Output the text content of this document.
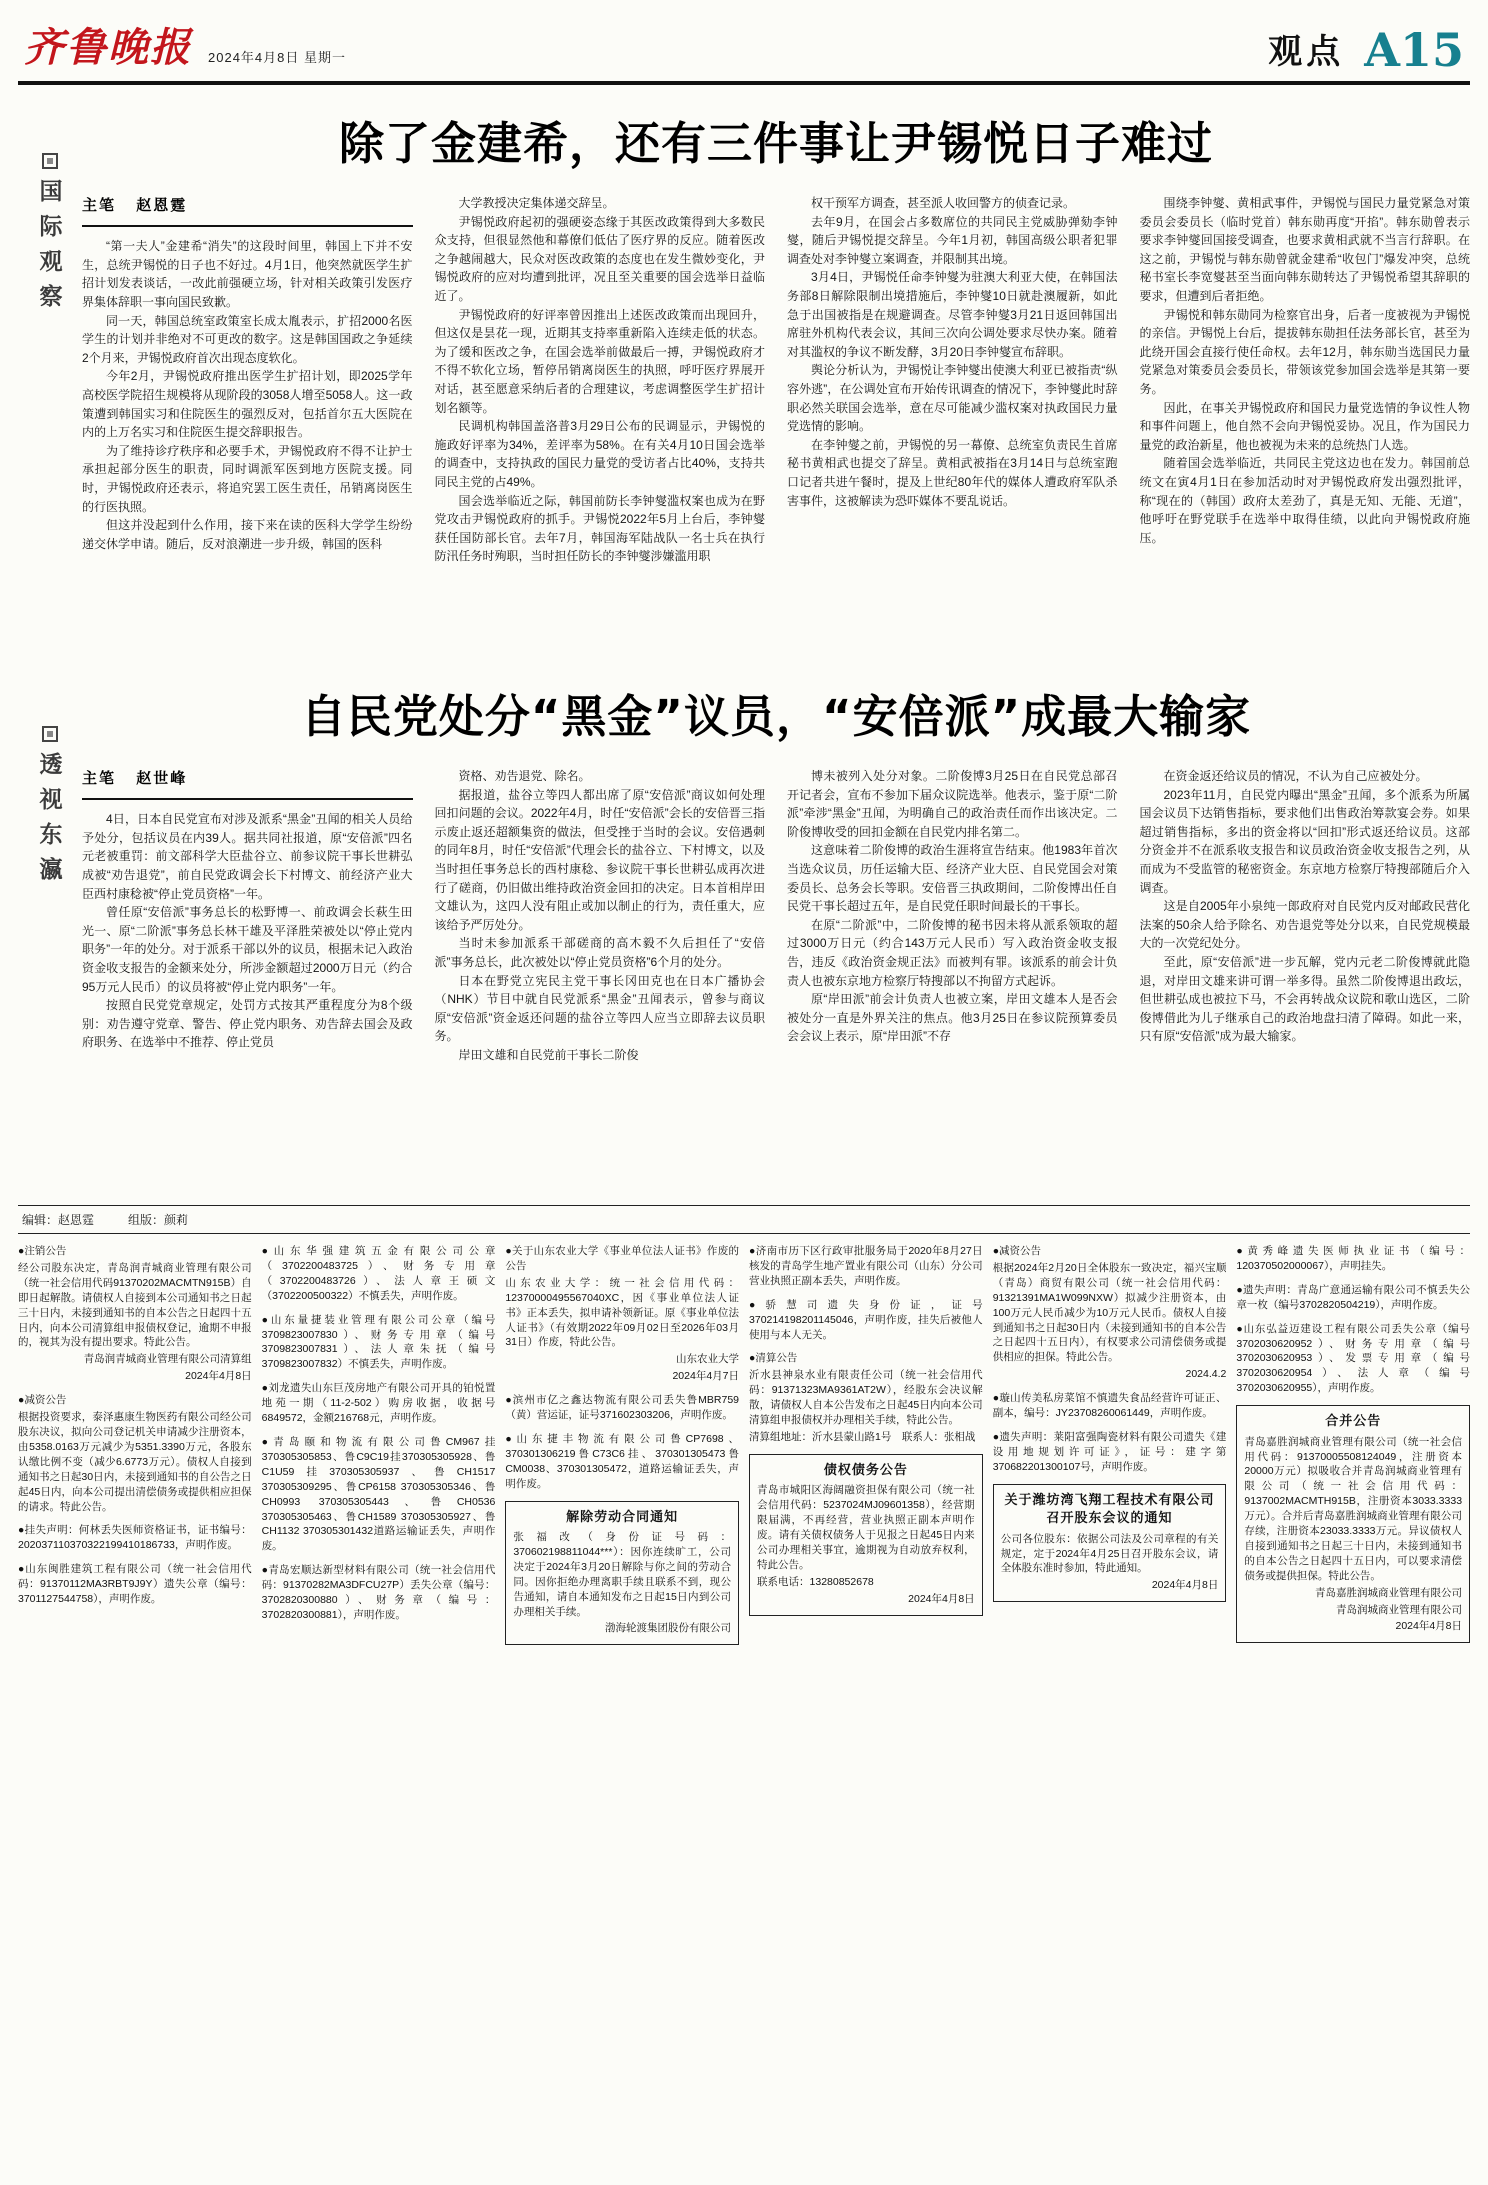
齐鲁晚报 2024年4月8日 星期一	观点 A15
国际观察
除了金建希，还有三件事让尹锡悦日子难过
主笔 赵恩霆

“第一夫人”金建希“消失”的这段时间里，韩国上下并不安生，总统尹锡悦的日子也不好过。4月1日，他突然就医学生扩招计划发表谈话，一改此前强硬立场，针对相关政策引发医疗界集体辞职一事向国民致歉。

同一天，韩国总统室政策室长成太胤表示，扩招2000名医学生的计划并非绝对不可更改的数字。这是韩国国政之争延续2个月来，尹锡悦政府首次出现态度软化。

今年2月，尹锡悦政府推出医学生扩招计划，即2025学年高校医学院招生规模将从现阶段的3058人增至5058人。这一政策遭到韩国实习和住院医生的强烈反对，包括首尔五大医院在内的上万名实习和住院医生提交辞职报告。

为了维持诊疗秩序和必要手术，尹锡悦政府不得不让护士承担起部分医生的职责，同时调派军医到地方医院支援。同时，尹锡悦政府还表示，将追究罢工医生责任，吊销离岗医生的行医执照。

但这并没起到什么作用，接下来在读的医科大学学生纷纷递交休学申请。随后，反对浪潮进一步升级，韩国的医科

大学教授决定集体递交辞呈。

尹锡悦政府起初的强硬姿态缘于其医改政策得到大多数民众支持，但很显然他和幕僚们低估了医疗界的反应。随着医改之争越闹越大，民众对医改政策的态度也在发生微妙变化，尹锡悦政府的应对均遭到批评，况且至关重要的国会选举日益临近了。

尹锡悦政府的好评率曾因推出上述医改政策而出现回升，但这仅是昙花一现，近期其支持率重新陷入连续走低的状态。为了缓和医改之争，在国会选举前做最后一搏，尹锡悦政府才不得不软化立场，暂停吊销离岗医生的执照，呼吁医疗界展开对话，甚至愿意采纳后者的合理建议，考虑调整医学生扩招计划名额等。

民调机构韩国盖洛普3月29日公布的民调显示，尹锡悦的施政好评率为34%，差评率为58%。在有关4月10日国会选举的调查中，支持执政的国民力量党的受访者占比40%，支持共同民主党的占49%。

国会选举临近之际，韩国前防长李钟燮滥权案也成为在野党攻击尹锡悦政府的抓手。尹锡悦2022年5月上台后，李钟燮获任国防部长官。去年7月，韩国海军陆战队一名士兵在执行防汛任务时殉职，当时担任防长的李钟燮涉嫌滥用职

权干预军方调查，甚至派人收回警方的侦查记录。

去年9月，在国会占多数席位的共同民主党威胁弹劾李钟燮，随后尹锡悦提交辞呈。今年1月初，韩国高级公职者犯罪调查处对李钟燮立案调查，并限制其出境。

3月4日，尹锡悦任命李钟燮为驻澳大利亚大使，在韩国法务部8日解除限制出境措施后，李钟燮10日就赴澳履新，如此急于出国被指是在规避调查。尽管李钟燮3月21日返回韩国出席驻外机构代表会议，其间三次向公调处要求尽快办案。随着对其滥权的争议不断发酵，3月20日李钟燮宣布辞职。

舆论分析认为，尹锡悦让李钟燮出使澳大利亚已被指责“纵容外逃”，在公调处宣布开始传讯调查的情况下，李钟燮此时辞职必然关联国会选举，意在尽可能减少滥权案对执政国民力量党选情的影响。

在李钟燮之前，尹锡悦的另一幕僚、总统室负责民生首席秘书黄相武也提交了辞呈。黄相武被指在3月14日与总统室跑口记者共进午餐时，提及上世纪80年代的媒体人遭政府军队杀害事件，这被解读为恐吓媒体不要乱说话。

围绕李钟燮、黄相武事件，尹锡悦与国民力量党紧急对策委员会委员长（临时党首）韩东勋再度“开掐”。韩东勋曾表示要求李钟燮回国接受调查，也要求黄相武就不当言行辞职。在这之前，尹锡悦与韩东勋曾就金建希“收包门”爆发冲突，总统秘书室长李宽燮甚至当面向韩东勋转达了尹锡悦希望其辞职的要求，但遭到后者拒绝。

尹锡悦和韩东勋同为检察官出身，后者一度被视为尹锡悦的亲信。尹锡悦上台后，提拔韩东勋担任法务部长官，甚至为此绕开国会直接行使任命权。去年12月，韩东勋当选国民力量党紧急对策委员会委员长，带领该党参加国会选举是其第一要务。

因此，在事关尹锡悦政府和国民力量党选情的争议性人物和事件问题上，他自然不会向尹锡悦妥协。况且，作为国民力量党的政治新星，他也被视为未来的总统热门人选。

随着国会选举临近，共同民主党这边也在发力。韩国前总统文在寅4月1日在参加活动时对尹锡悦政府发出强烈批评，称“现在的（韩国）政府太差劲了，真是无知、无能、无道”，他呼吁在野党联手在选举中取得佳绩，以此向尹锡悦政府施压。

透视东瀛
自民党处分“黑金”议员，“安倍派”成最大输家
主笔 赵世峰

4日，日本自民党宣布对涉及派系“黑金”丑闻的相关人员给予处分，包括议员在内39人。据共同社报道，原“安倍派”四名元老被重罚：前文部科学大臣盐谷立、前参议院干事长世耕弘成被“劝告退党”，前自民党政调会长下村博文、前经济产业大臣西村康稔被“停止党员资格”一年。

曾任原“安倍派”事务总长的松野博一、前政调会长萩生田光一、原“二阶派”事务总长林干雄及平泽胜荣被处以“停止党内职务”一年的处分。对于派系干部以外的议员，根据未记入政治资金收支报告的金额来处分，所涉金额超过2000万日元（约合95万元人民币）的议员将被“停止党内职务”一年。

按照自民党党章规定，处罚方式按其严重程度分为8个级别：劝告遵守党章、警告、停止党内职务、劝告辞去国会及政府职务、在选举中不推荐、停止党员

资格、劝告退党、除名。

据报道，盐谷立等四人都出席了原“安倍派”商议如何处理回扣问题的会议。2022年4月，时任“安倍派”会长的安倍晋三指示废止返还超额集资的做法，但受挫于当时的会议。安倍遇刺的同年8月，时任“安倍派”代理会长的盐谷立、下村博文，以及当时担任事务总长的西村康稔、参议院干事长世耕弘成再次进行了磋商，仍旧做出维持政治资金回扣的决定。日本首相岸田文雄认为，这四人没有阻止或加以制止的行为，责任重大，应该给予严厉处分。

当时未参加派系干部磋商的高木毅不久后担任了“安倍派”事务总长，此次被处以“停止党员资格”6个月的处分。

日本在野党立宪民主党干事长冈田克也在日本广播协会（NHK）节目中就自民党派系“黑金”丑闻表示，曾参与商议原“安倍派”资金返还问题的盐谷立等四人应当立即辞去议员职务。

岸田文雄和自民党前干事长二阶俊

博未被列入处分对象。二阶俊博3月25日在自民党总部召开记者会，宣布不参加下届众议院选举。他表示，鉴于原“二阶派”牵涉“黑金”丑闻，为明确自己的政治责任而作出该决定。二阶俊博收受的回扣金额在自民党内排名第二。

这意味着二阶俊博的政治生涯将宣告结束。他1983年首次当选众议员，历任运输大臣、经济产业大臣、自民党国会对策委员长、总务会长等职。安倍晋三执政期间，二阶俊博出任自民党干事长超过五年，是自民党任职时间最长的干事长。

在原“二阶派”中，二阶俊博的秘书因未将从派系领取的超过3000万日元（约合143万元人民币）写入政治资金收支报告，违反《政治资金规正法》而被判有罪。该派系的前会计负责人也被东京地方检察厅特搜部以不拘留方式起诉。

原“岸田派”前会计负责人也被立案，岸田文雄本人是否会被处分一直是外界关注的焦点。他3月25日在参议院预算委员会会议上表示，原“岸田派”不存

在资金返还给议员的情况，不认为自己应被处分。

2023年11月，自民党内曝出“黑金”丑闻，多个派系为所属国会议员下达销售指标，要求他们出售政治筹款宴会券。如果超过销售指标，多出的资金将以“回扣”形式返还给议员。这部分资金并不在派系收支报告和议员政治资金收支报告之列，从而成为不受监管的秘密资金。东京地方检察厅特搜部随后介入调查。

这是自2005年小泉纯一郎政府对自民党内反对邮政民营化法案的50余人给予除名、劝告退党等处分以来，自民党规模最大的一次党纪处分。

至此，原“安倍派”进一步瓦解，党内元老二阶俊博就此隐退，对岸田文雄来讲可谓一举多得。虽然二阶俊博退出政坛，但世耕弘成也被拉下马，不会再转战众议院和歌山选区，二阶俊博借此为儿子继承自己的政治地盘扫清了障碍。如此一来，只有原“安倍派”成为最大输家。

编辑：赵恩霆	组版：颜莉

●注销公告

经公司股东决定，青岛润青城商业管理有限公司（统一社会信用代码91370202MACMTN915B）自即日起解散。请债权人自接到本公司通知书之日起三十日内，未接到通知书的自本公告之日起四十五日内，向本公司清算组申报债权登记，逾期不申报的，视其为没有提出要求。特此公告。

青岛润青城商业管理有限公司清算组

2024年4月8日

●减资公告

根据投资要求，泰泽惠康生物医药有限公司经公司股东决议，拟向公司登记机关申请减少注册资本，由5358.0163万元减少为5351.3390万元，各股东认缴比例不变（减少6.6773万元）。债权人自接到通知书之日起30日内，未接到通知书的自公告之日起45日内，向本公司提出清偿债务或提供相应担保的请求。特此公告。

●挂失声明：何林丢失医师资格证书，证书编号：202037110370322199410186733，声明作废。

●山东闽胜建筑工程有限公司（统一社会信用代码：91370112MA3RBT9J9Y）遗失公章（编号：3701127544758），声明作废。

●山东华强建筑五金有限公司公章（3702200483725）、财务专用章（3702200483726）、法人章王硕文（3702200500322）不慎丢失，声明作废。

●山东量捷装业管理有限公司公章（编号3709823007830）、财务专用章（编号3709823007831）、法人章朱抚（编号3709823007832）不慎丢失，声明作废。

●刘龙遗失山东巨茂房地产有限公司开具的铂悦置地苑一期（11-2-502）购房收据，收据号6849572，金额216768元，声明作废。

●青岛颐和物流有限公司鲁CM967挂370305305853、鲁C9C19挂370305305928、鲁C1U59挂370305305937、鲁CH1517 370305309295、鲁CP6158 370305305346、鲁CH0993 370305305443、鲁CH0536 370305305463、鲁CH1589 370305305927、鲁CH1132 370305301432道路运输证丢失，声明作废。

●青岛宏顺达新型材料有限公司（统一社会信用代码：91370282MA3DFCU27P）丢失公章（编号：3702820300880）、财务章（编号：3702820300881），声明作废。

●关于山东农业大学《事业单位法人证书》作废的公告

山东农业大学：统一社会信用代码：12370000495567040XC，因《事业单位法人证书》正本丢失，拟申请补领新证。原《事业单位法人证书》（有效期2022年09月02日至2026年03月31日）作废，特此公告。

山东农业大学

2024年4月7日

●滨州市亿之鑫达物流有限公司丢失鲁MBR759（黄）营运证，证号371602303206，声明作废。

●山东捷丰物流有限公司鲁CP7698、370301306219鲁C73C6挂、370301305473鲁CM0038、370301305472，道路运输证丢失，声明作废。

解除劳动合同通知

张福改（身份证号码：370602198811044***）：因你连续旷工，公司决定于2024年3月20日解除与你之间的劳动合同。因你拒绝办理离职手续且联系不到，现公告通知，请自本通知发布之日起15日内到公司办理相关手续。

渤海轮渡集团股份有限公司

●济南市历下区行政审批服务局于2020年8月27日核发的青岛学生地产置业有限公司（山东）分公司营业执照正副本丢失，声明作废。

●骄慧司遗失身份证，证号370214198201145046，声明作废，挂失后被他人使用与本人无关。

●清算公告

沂水县神泉水业有限责任公司（统一社会信用代码：91371323MA9361AT2W），经股东会决议解散，请债权人自本公告发布之日起45日内向本公司清算组申报债权并办理相关手续，特此公告。

清算组地址：沂水县蒙山路1号　联系人：张相战

债权债务公告

青岛市城阳区海阔融资担保有限公司（统一社会信用代码：5237024MJ09601358），经营期限届满，不再经营，营业执照正副本声明作废。请有关债权债务人于见报之日起45日内来公司办理相关事宜，逾期视为自动放弃权利，特此公告。

联系电话：13280852678

2024年4月8日

●减资公告

根据2024年2月20日全体股东一致决定，福兴宝顺（青岛）商贸有限公司（统一社会信用代码：91321391MA1W099NXW）拟减少注册资本，由100万元人民币减少为10万元人民币。债权人自接到通知书之日起30日内（未接到通知书的自本公告之日起四十五日内），有权要求公司清偿债务或提供相应的担保。特此公告。

2024.4.2

●璇山传美私房菜馆不慎遗失食品经营许可证正、副本，编号：JY23708260061449，声明作废。

●遗失声明：莱阳富强陶瓷材料有限公司遗失《建设用地规划许可证》，证号：建字第370682201300107号，声明作废。

关于潍坊湾飞翔工程技术有限公司召开股东会议的通知

公司各位股东：依据公司法及公司章程的有关规定，定于2024年4月25日召开股东会议，请全体股东准时参加，特此通知。

2024年4月8日

●黄秀峰遗失医师执业证书（编号：120370502000067），声明挂失。

●遗失声明：青岛广意通运输有限公司不慎丢失公章一枚（编号3702820504219），声明作废。

●山东弘益迈建设工程有限公司丢失公章（编号3702030620952）、财务专用章（编号3702030620953）、发票专用章（编号3702030620954）、法人章（编号3702030620955），声明作废。

合并公告

青岛嘉胜润城商业管理有限公司（统一社会信用代码：91370005508124049，注册资本20000万元）拟吸收合并青岛润城商业管理有限公司（统一社会信用代码：9137002MACMTH915B，注册资本3033.3333万元）。合并后青岛嘉胜润城商业管理有限公司存续，注册资本23033.3333万元。异议债权人自接到通知书之日起三十日内，未接到通知书的自本公告之日起四十五日内，可以要求清偿债务或提供担保。特此公告。

青岛嘉胜润城商业管理有限公司

青岛润城商业管理有限公司

2024年4月8日
